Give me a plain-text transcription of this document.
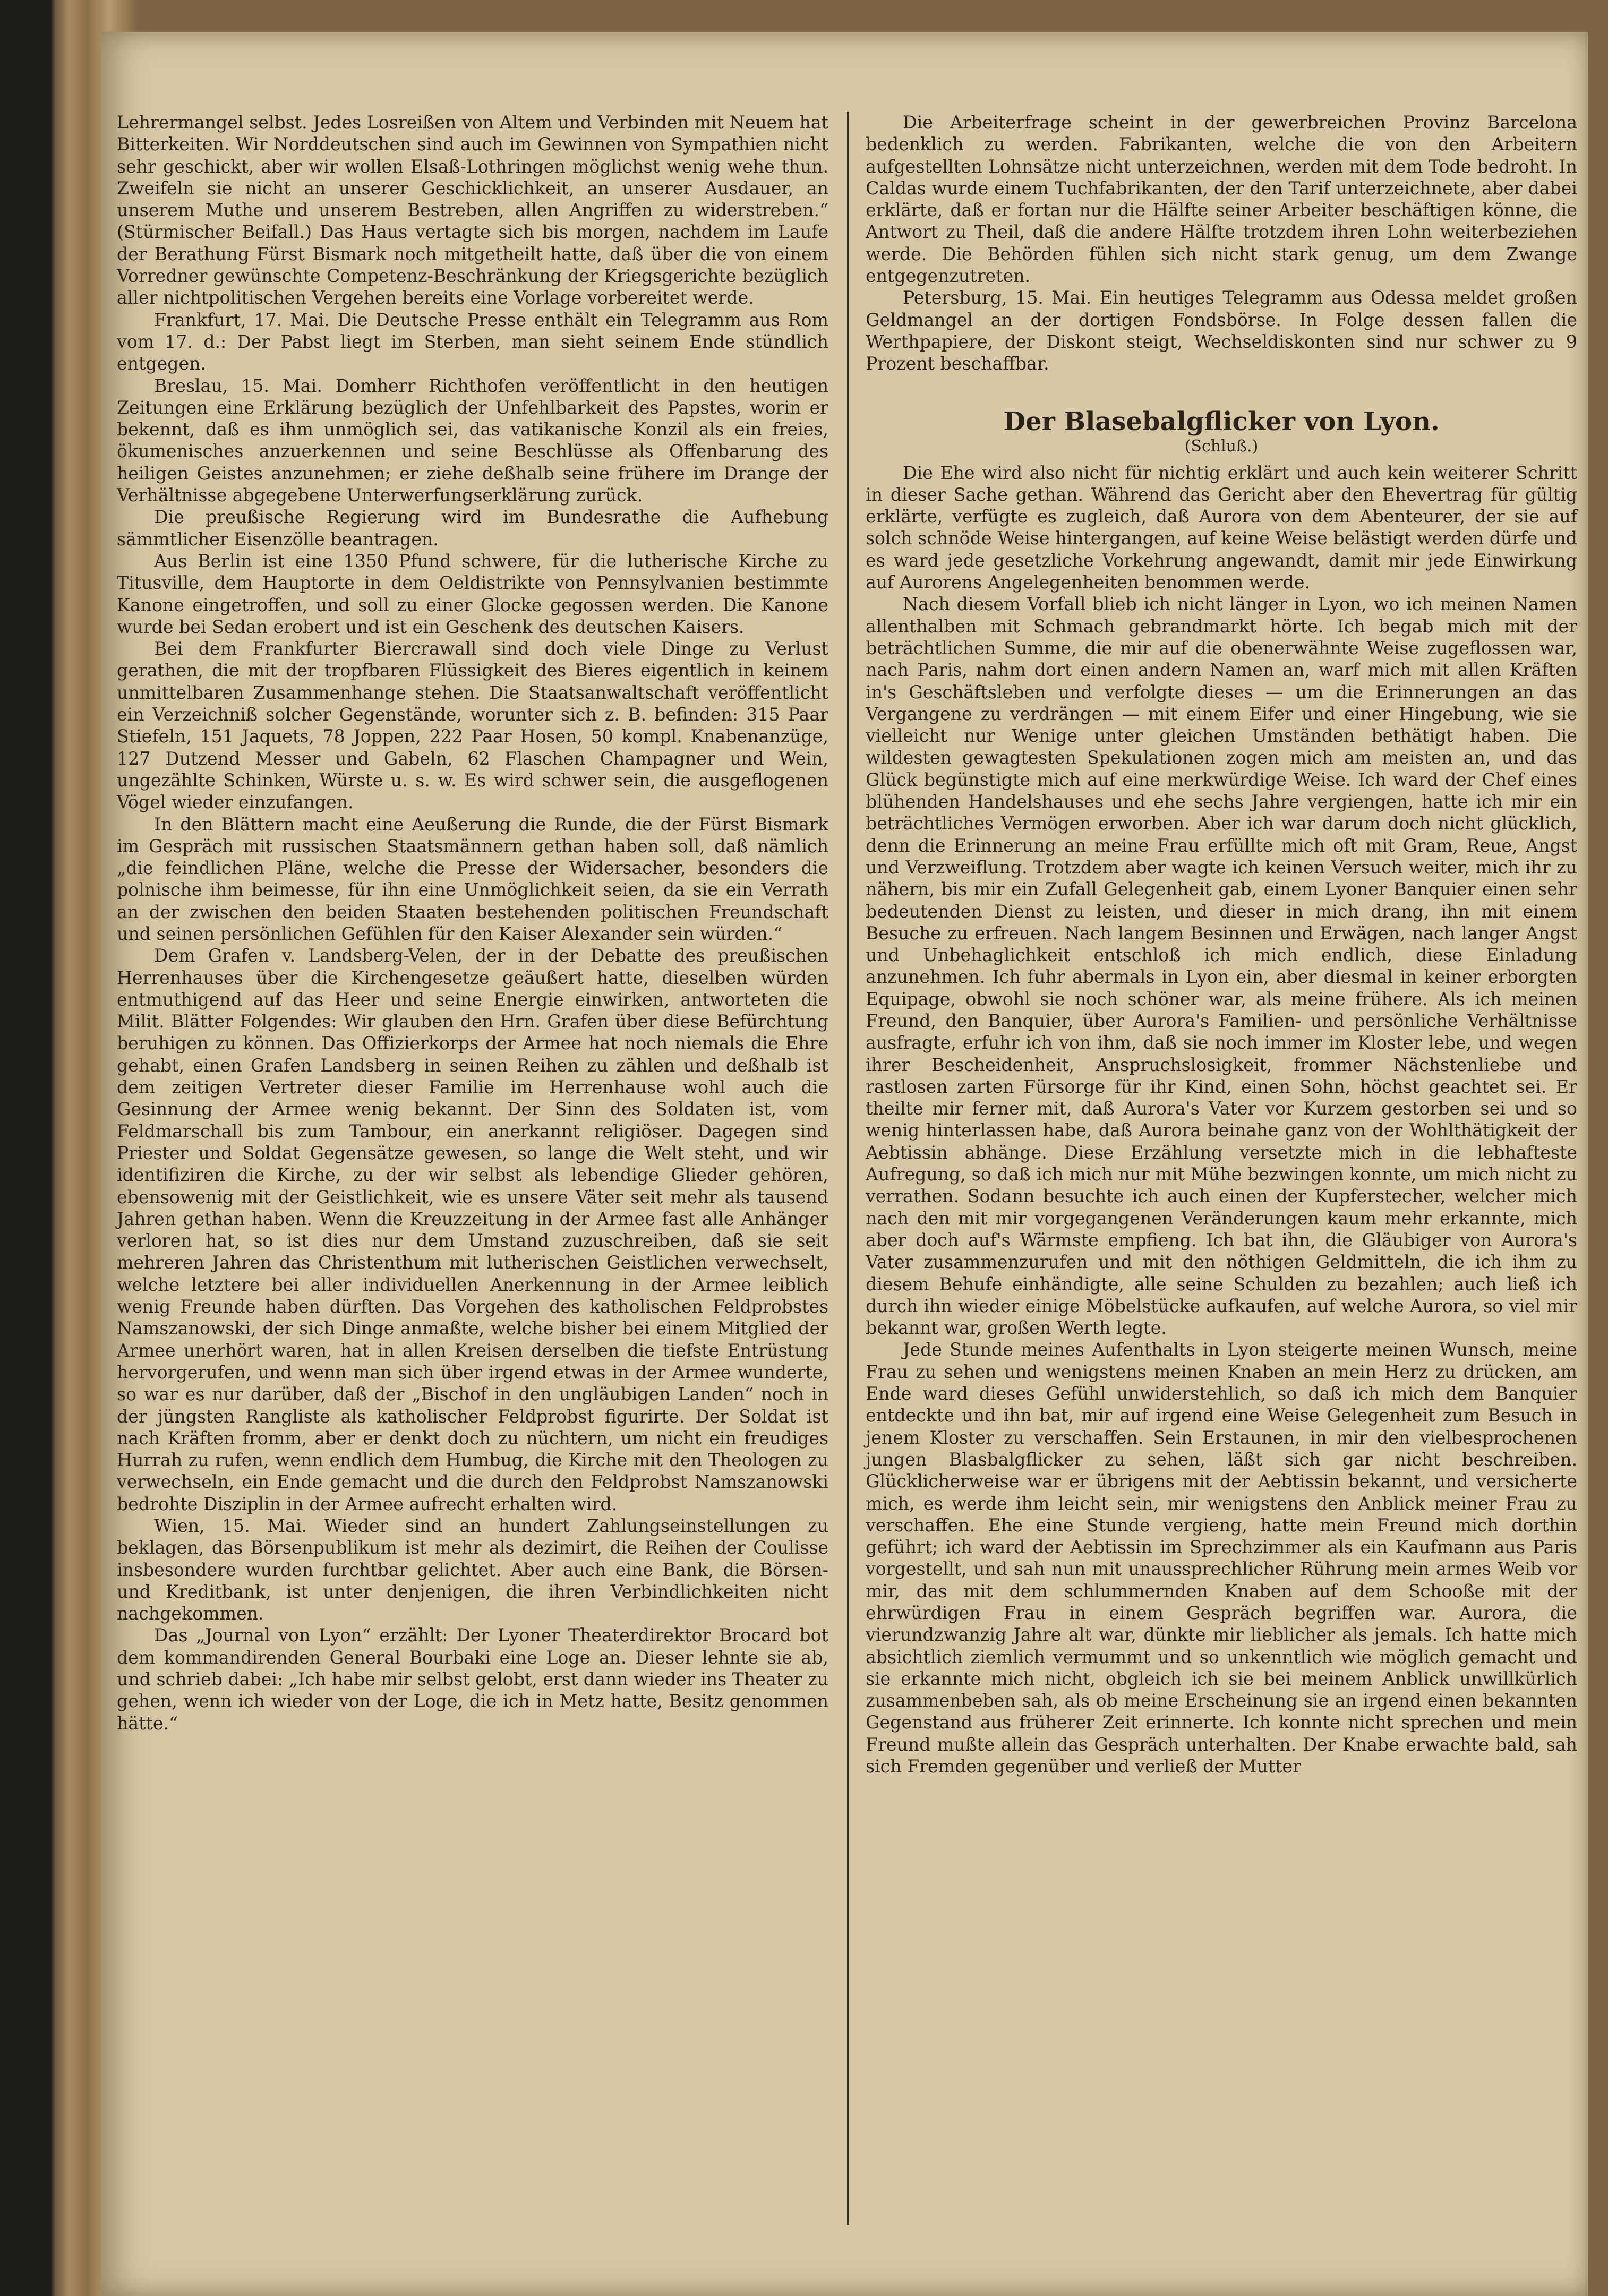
Lehrermangel selbst. Jedes Losreißen von Altem und Verbinden mit Neuem hat Bitterkeiten. Wir Norddeutschen sind auch im Gewinnen von Sympathien nicht sehr geschickt, aber wir wollen Elsaß-Lothringen möglichst wenig wehe thun. Zweifeln sie nicht an unserer Geschicklichkeit, an unserer Ausdauer, an unserem Muthe und unserem Bestreben, allen Angriffen zu widerstreben.“ (Stürmischer Beifall.) Das Haus vertagte sich bis morgen, nachdem im Laufe der Berathung Fürst Bismark noch mitgetheilt hatte, daß über die von einem Vorredner gewünschte Competenz-Beschränkung der Kriegsgerichte bezüglich aller nichtpolitischen Vergehen bereits eine Vorlage vorbereitet werde.

Frankfurt, 17. Mai. Die Deutsche Presse enthält ein Telegramm aus Rom vom 17. d.: Der Pabst liegt im Sterben, man sieht seinem Ende stündlich entgegen.

Breslau, 15. Mai. Domherr Richthofen veröffentlicht in den heutigen Zeitungen eine Erklärung bezüglich der Unfehlbarkeit des Papstes, worin er bekennt, daß es ihm unmöglich sei, das vatikanische Konzil als ein freies, ökumenisches anzuerkennen und seine Beschlüsse als Offenbarung des heiligen Geistes anzunehmen; er ziehe deßhalb seine frühere im Drange der Verhältnisse abgegebene Unterwerfungserklärung zurück.

Die preußische Regierung wird im Bundesrathe die Aufhebung sämmtlicher Eisenzölle beantragen.

Aus Berlin ist eine 1350 Pfund schwere, für die lutherische Kirche zu Titusville, dem Hauptorte in dem Oeldistrikte von Pennsylvanien bestimmte Kanone eingetroffen, und soll zu einer Glocke gegossen werden. Die Kanone wurde bei Sedan erobert und ist ein Geschenk des deutschen Kaisers.

Bei dem Frankfurter Biercrawall sind doch viele Dinge zu Verlust gerathen, die mit der tropfbaren Flüssigkeit des Bieres eigentlich in keinem unmittelbaren Zusammenhange stehen. Die Staatsanwaltschaft veröffentlicht ein Verzeichniß solcher Gegenstände, worunter sich z. B. befinden: 315 Paar Stiefeln, 151 Jaquets, 78 Joppen, 222 Paar Hosen, 50 kompl. Knabenanzüge, 127 Dutzend Messer und Gabeln, 62 Flaschen Champagner und Wein, ungezählte Schinken, Würste u. s. w. Es wird schwer sein, die ausgeflogenen Vögel wieder einzufangen.

In den Blättern macht eine Aeußerung die Runde, die der Fürst Bismark im Gespräch mit russischen Staatsmännern gethan haben soll, daß nämlich „die feindlichen Pläne, welche die Presse der Widersacher, besonders die polnische ihm beimesse, für ihn eine Unmöglichkeit seien, da sie ein Verrath an der zwischen den beiden Staaten bestehenden politischen Freundschaft und seinen persönlichen Gefühlen für den Kaiser Alexander sein würden.“

Dem Grafen v. Landsberg-Velen, der in der Debatte des preußischen Herrenhauses über die Kirchengesetze geäußert hatte, dieselben würden entmuthigend auf das Heer und seine Energie einwirken, antworteten die Milit. Blätter Folgendes: Wir glauben den Hrn. Grafen über diese Befürchtung beruhigen zu können. Das Offizierkorps der Armee hat noch niemals die Ehre gehabt, einen Grafen Landsberg in seinen Reihen zu zählen und deßhalb ist dem zeitigen Vertreter dieser Familie im Herrenhause wohl auch die Gesinnung der Armee wenig bekannt. Der Sinn des Soldaten ist, vom Feldmarschall bis zum Tambour, ein anerkannt religiöser. Dagegen sind Priester und Soldat Gegensätze gewesen, so lange die Welt steht, und wir identifiziren die Kirche, zu der wir selbst als lebendige Glieder gehören, ebensowenig mit der Geistlichkeit, wie es unsere Väter seit mehr als tausend Jahren gethan haben. Wenn die Kreuzzeitung in der Armee fast alle Anhänger verloren hat, so ist dies nur dem Umstand zuzuschreiben, daß sie seit mehreren Jahren das Christenthum mit lutherischen Geistlichen verwechselt, welche letztere bei aller individuellen Anerkennung in der Armee leiblich wenig Freunde haben dürften. Das Vorgehen des katholischen Feldprobstes Namszanowski, der sich Dinge anmaßte, welche bisher bei einem Mitglied der Armee unerhört waren, hat in allen Kreisen derselben die tiefste Entrüstung hervorgerufen, und wenn man sich über irgend etwas in der Armee wunderte, so war es nur darüber, daß der „Bischof in den ungläubigen Landen“ noch in der jüngsten Rangliste als katholischer Feldprobst figurirte. Der Soldat ist nach Kräften fromm, aber er denkt doch zu nüchtern, um nicht ein freudiges Hurrah zu rufen, wenn endlich dem Humbug, die Kirche mit den Theologen zu verwechseln, ein Ende gemacht und die durch den Feldprobst Namszanowski bedrohte Disziplin in der Armee aufrecht erhalten wird.

Wien, 15. Mai. Wieder sind an hundert Zahlungseinstellungen zu beklagen, das Börsenpublikum ist mehr als dezimirt, die Reihen der Coulisse insbesondere wurden furchtbar gelichtet. Aber auch eine Bank, die Börsen- und Kreditbank, ist unter denjenigen, die ihren Verbindlichkeiten nicht nachgekommen.

Das „Journal von Lyon“ erzählt: Der Lyoner Theaterdirektor Brocard bot dem kommandirenden General Bourbaki eine Loge an. Dieser lehnte sie ab, und schrieb dabei: „Ich habe mir selbst gelobt, erst dann wieder ins Theater zu gehen, wenn ich wieder von der Loge, die ich in Metz hatte, Besitz genommen hätte.“

Die Arbeiterfrage scheint in der gewerbreichen Provinz Barcelona bedenklich zu werden. Fabrikanten, welche die von den Arbeitern aufgestellten Lohnsätze nicht unterzeichnen, werden mit dem Tode bedroht. In Caldas wurde einem Tuchfabrikanten, der den Tarif unterzeichnete, aber dabei erklärte, daß er fortan nur die Hälfte seiner Arbeiter beschäftigen könne, die Antwort zu Theil, daß die andere Hälfte trotzdem ihren Lohn weiterbeziehen werde. Die Behörden fühlen sich nicht stark genug, um dem Zwange entgegenzutreten.

Petersburg, 15. Mai. Ein heutiges Telegramm aus Odessa meldet großen Geldmangel an der dortigen Fondsbörse. In Folge dessen fallen die Werthpapiere, der Diskont steigt, Wechseldiskonten sind nur schwer zu 9 Prozent beschaffbar.

Der Blasebalgflicker von Lyon.
(Schluß.)

Die Ehe wird also nicht für nichtig erklärt und auch kein weiterer Schritt in dieser Sache gethan. Während das Gericht aber den Ehevertrag für gültig erklärte, verfügte es zugleich, daß Aurora von dem Abenteurer, der sie auf solch schnöde Weise hintergangen, auf keine Weise belästigt werden dürfe und es ward jede gesetzliche Vorkehrung angewandt, damit mir jede Einwirkung auf Aurorens Angelegenheiten benommen werde.

Nach diesem Vorfall blieb ich nicht länger in Lyon, wo ich meinen Namen allenthalben mit Schmach gebrandmarkt hörte. Ich begab mich mit der beträchtlichen Summe, die mir auf die obenerwähnte Weise zugeflossen war, nach Paris, nahm dort einen andern Namen an, warf mich mit allen Kräften in's Geschäftsleben und verfolgte dieses — um die Erinnerungen an das Vergangene zu verdrängen — mit einem Eifer und einer Hingebung, wie sie vielleicht nur Wenige unter gleichen Umständen bethätigt haben. Die wildesten gewagtesten Spekulationen zogen mich am meisten an, und das Glück begünstigte mich auf eine merkwürdige Weise. Ich ward der Chef eines blühenden Handelshauses und ehe sechs Jahre vergiengen, hatte ich mir ein beträchtliches Vermögen erworben. Aber ich war darum doch nicht glücklich, denn die Erinnerung an meine Frau erfüllte mich oft mit Gram, Reue, Angst und Verzweiflung. Trotzdem aber wagte ich keinen Versuch weiter, mich ihr zu nähern, bis mir ein Zufall Gelegenheit gab, einem Lyoner Banquier einen sehr bedeutenden Dienst zu leisten, und dieser in mich drang, ihn mit einem Besuche zu erfreuen. Nach langem Besinnen und Erwägen, nach langer Angst und Unbehaglichkeit entschloß ich mich endlich, diese Einladung anzunehmen. Ich fuhr abermals in Lyon ein, aber diesmal in keiner erborgten Equipage, obwohl sie noch schöner war, als meine frühere. Als ich meinen Freund, den Banquier, über Aurora's Familien- und persönliche Verhältnisse ausfragte, erfuhr ich von ihm, daß sie noch immer im Kloster lebe, und wegen ihrer Bescheidenheit, Anspruchslosigkeit, frommer Nächstenliebe und rastlosen zarten Fürsorge für ihr Kind, einen Sohn, höchst geachtet sei. Er theilte mir ferner mit, daß Aurora's Vater vor Kurzem gestorben sei und so wenig hinterlassen habe, daß Aurora beinahe ganz von der Wohlthätigkeit der Aebtissin abhänge. Diese Erzählung versetzte mich in die lebhafteste Aufregung, so daß ich mich nur mit Mühe bezwingen konnte, um mich nicht zu verrathen. Sodann besuchte ich auch einen der Kupferstecher, welcher mich nach den mit mir vorgegangenen Veränderungen kaum mehr erkannte, mich aber doch auf's Wärmste empfieng. Ich bat ihn, die Gläubiger von Aurora's Vater zusammenzurufen und mit den nöthigen Geldmitteln, die ich ihm zu diesem Behufe einhändigte, alle seine Schulden zu bezahlen; auch ließ ich durch ihn wieder einige Möbelstücke aufkaufen, auf welche Aurora, so viel mir bekannt war, großen Werth legte.

Jede Stunde meines Aufenthalts in Lyon steigerte meinen Wunsch, meine Frau zu sehen und wenigstens meinen Knaben an mein Herz zu drücken, am Ende ward dieses Gefühl unwiderstehlich, so daß ich mich dem Banquier entdeckte und ihn bat, mir auf irgend eine Weise Gelegenheit zum Besuch in jenem Kloster zu verschaffen. Sein Erstaunen, in mir den vielbesprochenen jungen Blasbalgflicker zu sehen, läßt sich gar nicht beschreiben. Glücklicherweise war er übrigens mit der Aebtissin bekannt, und versicherte mich, es werde ihm leicht sein, mir wenigstens den Anblick meiner Frau zu verschaffen. Ehe eine Stunde vergieng, hatte mein Freund mich dorthin geführt; ich ward der Aebtissin im Sprechzimmer als ein Kaufmann aus Paris vorgestellt, und sah nun mit unaussprechlicher Rührung mein armes Weib vor mir, das mit dem schlummernden Knaben auf dem Schooße mit der ehrwürdigen Frau in einem Gespräch begriffen war. Aurora, die vierundzwanzig Jahre alt war, dünkte mir lieblicher als jemals. Ich hatte mich absichtlich ziemlich vermummt und so unkenntlich wie möglich gemacht und sie erkannte mich nicht, obgleich ich sie bei meinem Anblick unwillkürlich zusammenbeben sah, als ob meine Erscheinung sie an irgend einen bekannten Gegenstand aus früherer Zeit erinnerte. Ich konnte nicht sprechen und mein Freund mußte allein das Gespräch unterhalten. Der Knabe erwachte bald, sah sich Fremden gegenüber und verließ der Mutter
